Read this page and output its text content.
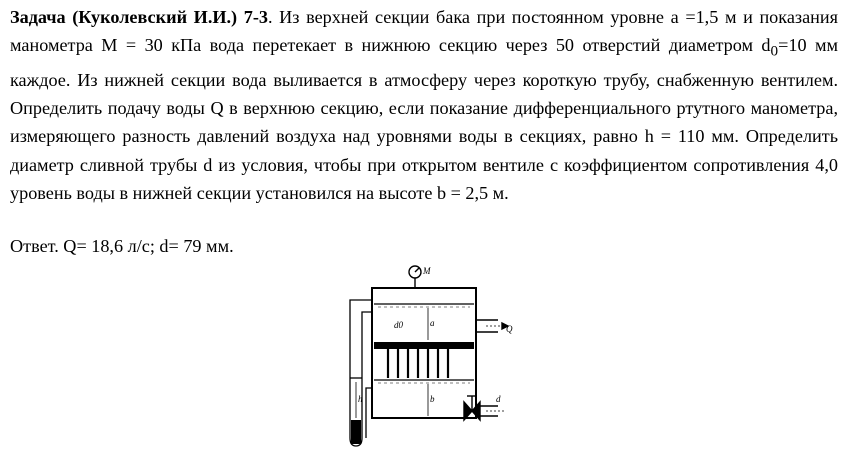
Задача (Куколевский И.И.) 7-3. Из верхней секции бака при постоянном уровне a =1,5 м и показания манометра M = 30 кПа вода перетекает в нижнюю секцию через 50 отверстий диаметром $d_0=10$ мм каждое. Из нижней секции вода выливается в атмосферу через короткую трубу, снабженную вентилем. Определить подачу воды Q в верхнюю секцию, если показание дифференциального ртутного манометра, измеряющего разность давлений воздуха над уровнями воды в секциях, равно h = 110 мм. Определить диаметр сливной трубы d из условия, чтобы при открытом вентиле с коэффициентом сопротивления 4,0 уровень воды в нижней секции установился на высоте b = 2,5 м.

Ответ. Q= 18,6 л/с; d= 79 мм.

Q
a
d0
b	d
h
M
